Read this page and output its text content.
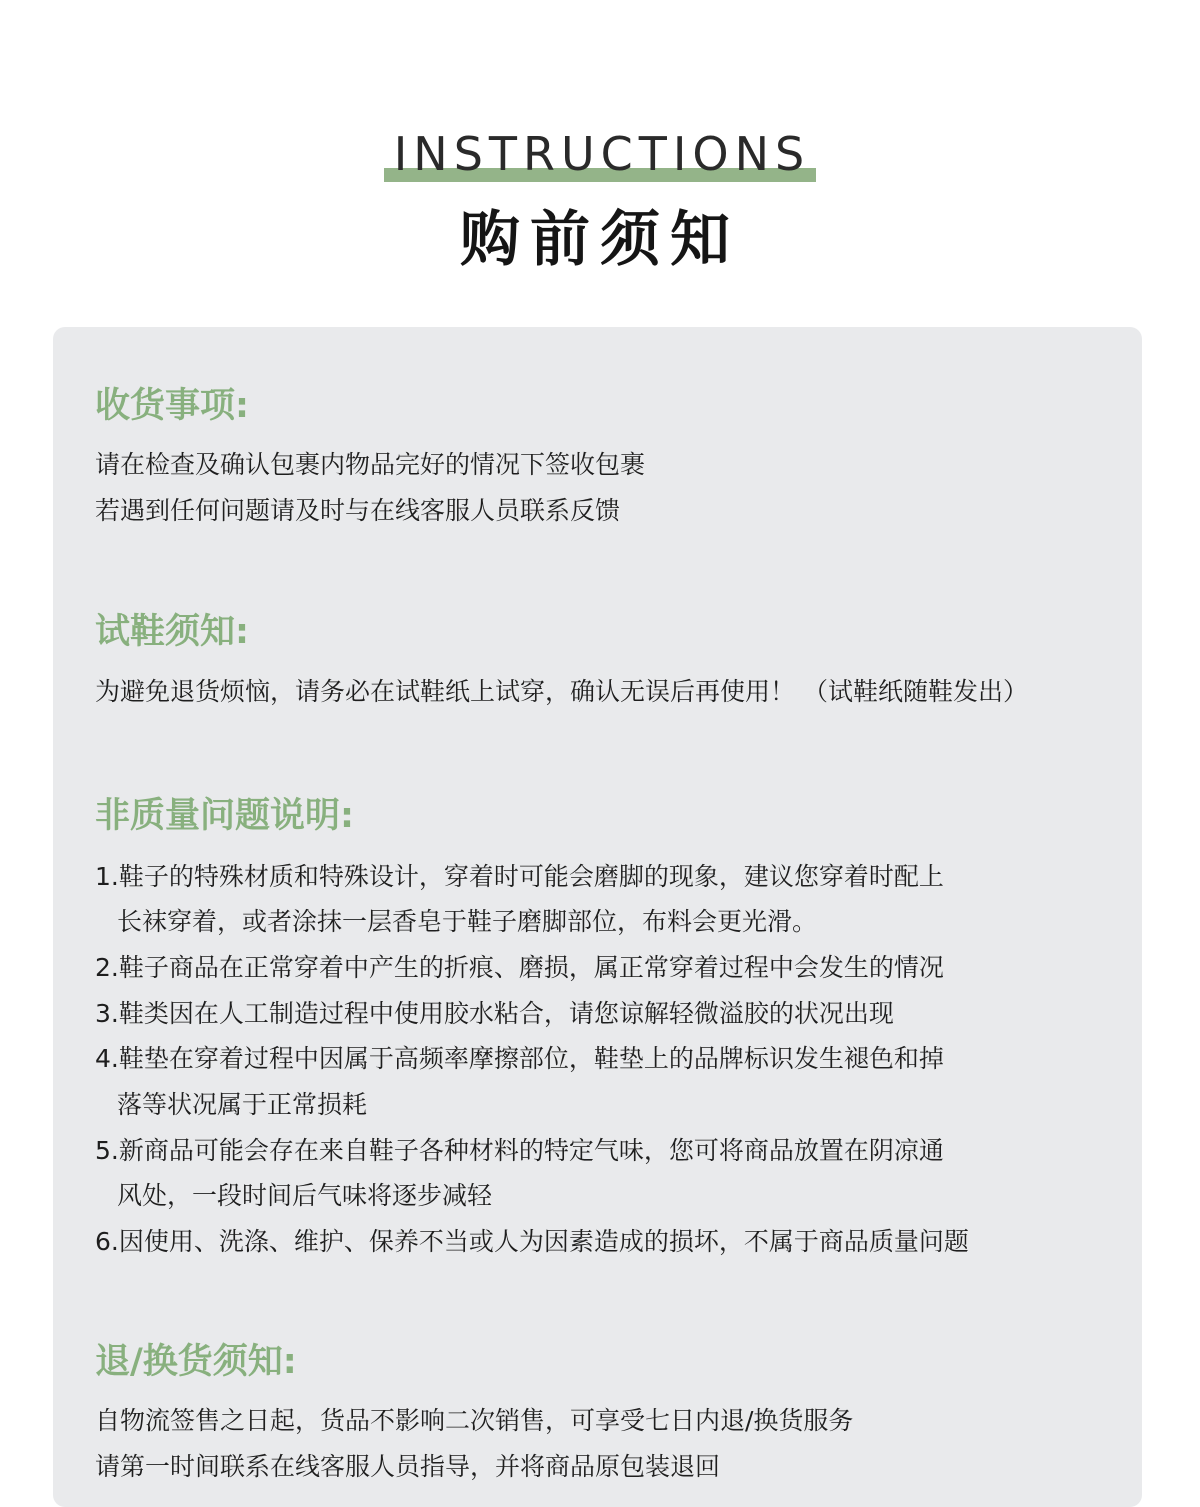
INSTRUCTIONS
购前须知
收货事项:
请在检查及确认包裹内物品完好的情况下签收包裹
若遇到任何问题请及时与在线客服人员联系反馈
试鞋须知:
为避免退货烦恼，请务必在试鞋纸上试穿，确认无误后再使用！ （试鞋纸随鞋发出）
非质量问题说明:
1.鞋子的特殊材质和特殊设计，穿着时可能会磨脚的现象，建议您穿着时配上
长袜穿着，或者涂抹一层香皂于鞋子磨脚部位，布料会更光滑。
2.鞋子商品在正常穿着中产生的折痕、磨损，属正常穿着过程中会发生的情况
3.鞋类因在人工制造过程中使用胶水粘合，请您谅解轻微溢胶的状况出现
4.鞋垫在穿着过程中因属于高频率摩擦部位，鞋垫上的品牌标识发生褪色和掉
落等状况属于正常损耗
5.新商品可能会存在来自鞋子各种材料的特定气味，您可将商品放置在阴凉通
风处，一段时间后气味将逐步减轻
6.因使用、洗涤、维护、保养不当或人为因素造成的损坏，不属于商品质量问题
退/换货须知:
自物流签售之日起，货品不影响二次销售，可享受七日内退/换货服务
请第一时间联系在线客服人员指导，并将商品原包装退回
